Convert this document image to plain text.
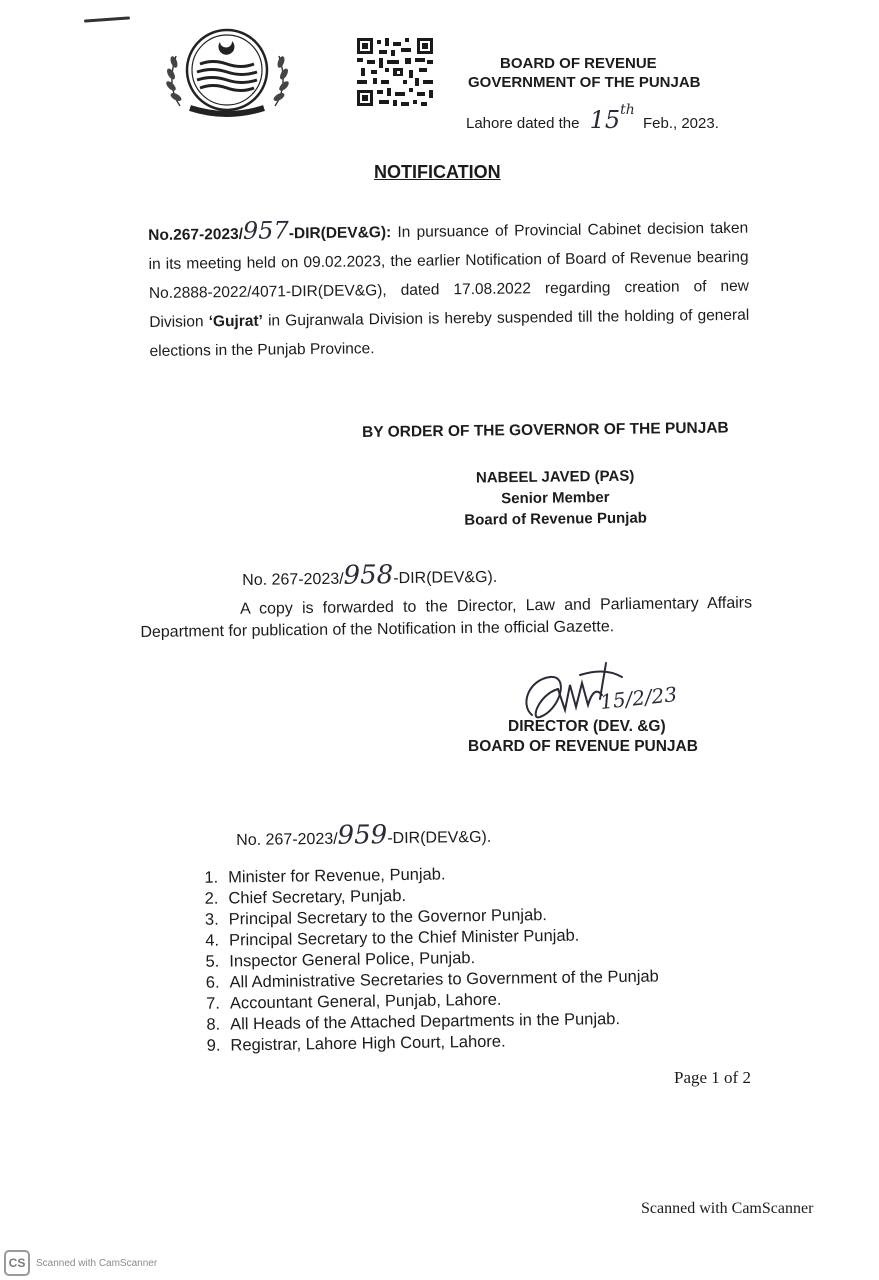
BOARD OF REVENUE
GOVERNMENT OF THE PUNJAB
Lahore dated the 15th Feb., 2023.
NOTIFICATION
No.267-2023/957-DIR(DEV&G): In pursuance of Provincial Cabinet decision taken in its meeting held on 09.02.2023, the earlier Notification of Board of Revenue bearing No.2888-2022/4071-DIR(DEV&G), dated 17.08.2022 regarding creation of new Division ‘Gujrat’ in Gujranwala Division is hereby suspended till the holding of general elections in the Punjab Province.
BY ORDER OF THE GOVERNOR OF THE PUNJAB
NABEEL JAVED (PAS)
Senior Member
Board of Revenue Punjab
No. 267-2023/958-DIR(DEV&G).
A copy is forwarded to the Director, Law and Parliamentary Affairs Department for publication of the Notification in the official Gazette.
15/2/23
DIRECTOR (DEV. &G)
BOARD OF REVENUE PUNJAB
No. 267-2023/959-DIR(DEV&G).
1. Minister for Revenue, Punjab.
2. Chief Secretary, Punjab.
3. Principal Secretary to the Governor Punjab.
4. Principal Secretary to the Chief Minister Punjab.
5. Inspector General Police, Punjab.
6. All Administrative Secretaries to Government of the Punjab
7. Accountant General, Punjab, Lahore.
8. All Heads of the Attached Departments in the Punjab.
9. Registrar, Lahore High Court, Lahore.
Page 1 of 2
Scanned with CamScanner
CS	Scanned with CamScanner
